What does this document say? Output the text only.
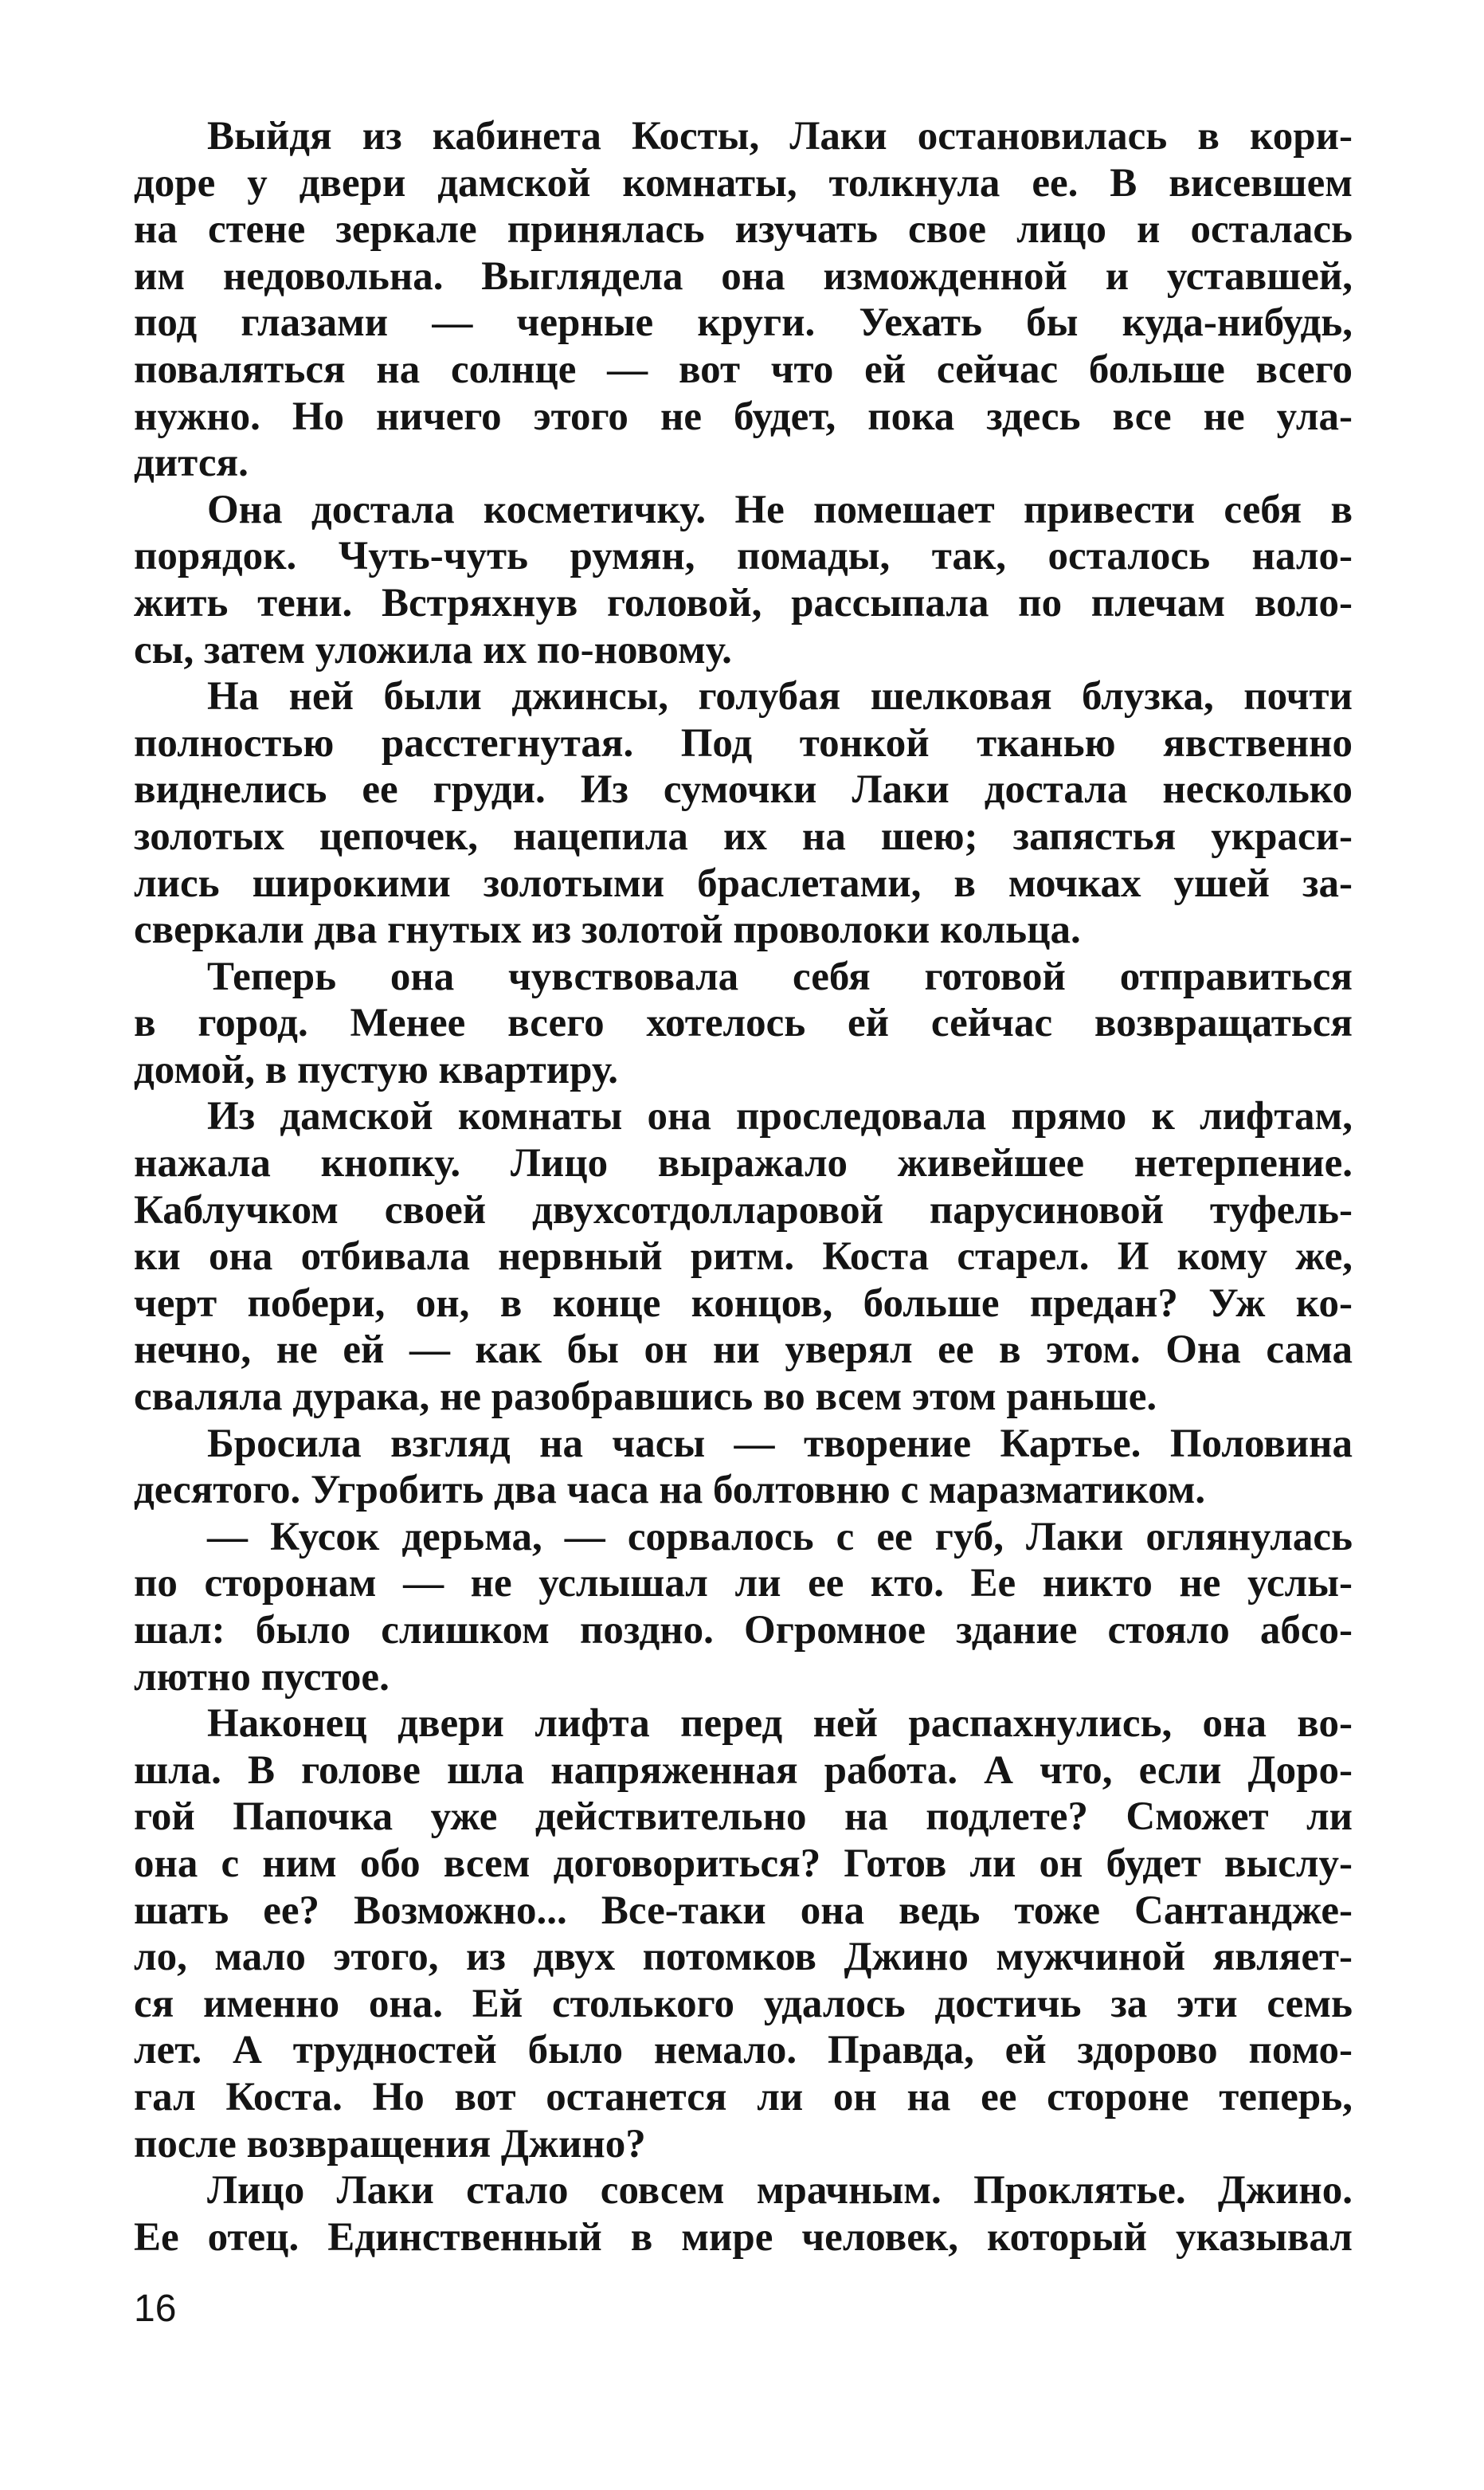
Выйдя из кабинета Косты, Лаки остановилась в кори-
доре у двери дамской комнаты, толкнула ее. В висевшем
на стене зеркале принялась изучать свое лицо и осталась
им недовольна. Выглядела она изможденной и уставшей,
под глазами — черные круги. Уехать бы куда-нибудь,
поваляться на солнце — вот что ей сейчас больше всего
нужно. Но ничего этого не будет, пока здесь все не ула-
дится.
Она достала косметичку. Не помешает привести себя в
порядок. Чуть-чуть румян, помады, так, осталось нало-
жить тени. Встряхнув головой, рассыпала по плечам воло-
сы, затем уложила их по-новому.
На ней были джинсы, голубая шелковая блузка, почти
полностью расстегнутая. Под тонкой тканью явственно
виднелись ее груди. Из сумочки Лаки достала несколько
золотых цепочек, нацепила их на шею; запястья украси-
лись широкими золотыми браслетами, в мочках ушей за-
сверкали два гнутых из золотой проволоки кольца.
Теперь она чувствовала себя готовой отправиться
в город. Менее всего хотелось ей сейчас возвращаться
домой, в пустую квартиру.
Из дамской комнаты она проследовала прямо к лифтам,
нажала кнопку. Лицо выражало живейшее нетерпение.
Каблучком своей двухсотдолларовой парусиновой туфель-
ки она отбивала нервный ритм. Коста старел. И кому же,
черт побери, он, в конце концов, больше предан? Уж ко-
нечно, не ей — как бы он ни уверял ее в этом. Она сама
сваляла дурака, не разобравшись во всем этом раньше.
Бросила взгляд на часы — творение Картье. Половина
десятого. Угробить два часа на болтовню с маразматиком.
— Кусок дерьма, — сорвалось с ее губ, Лаки оглянулась
по сторонам — не услышал ли ее кто. Ее никто не услы-
шал: было слишком поздно. Огромное здание стояло абсо-
лютно пустое.
Наконец двери лифта перед ней распахнулись, она во-
шла. В голове шла напряженная работа. А что, если Доро-
гой Папочка уже действительно на подлете? Сможет ли
она с ним обо всем договориться? Готов ли он будет выслу-
шать ее? Возможно... Все-таки она ведь тоже Сантандже-
ло, мало этого, из двух потомков Джино мужчиной являет-
ся именно она. Ей столького удалось достичь за эти семь
лет. А трудностей было немало. Правда, ей здорово помо-
гал Коста. Но вот останется ли он на ее стороне теперь,
после возвращения Джино?
Лицо Лаки стало совсем мрачным. Проклятье. Джино.
Ее отец. Единственный в мире человек, который указывал
16
